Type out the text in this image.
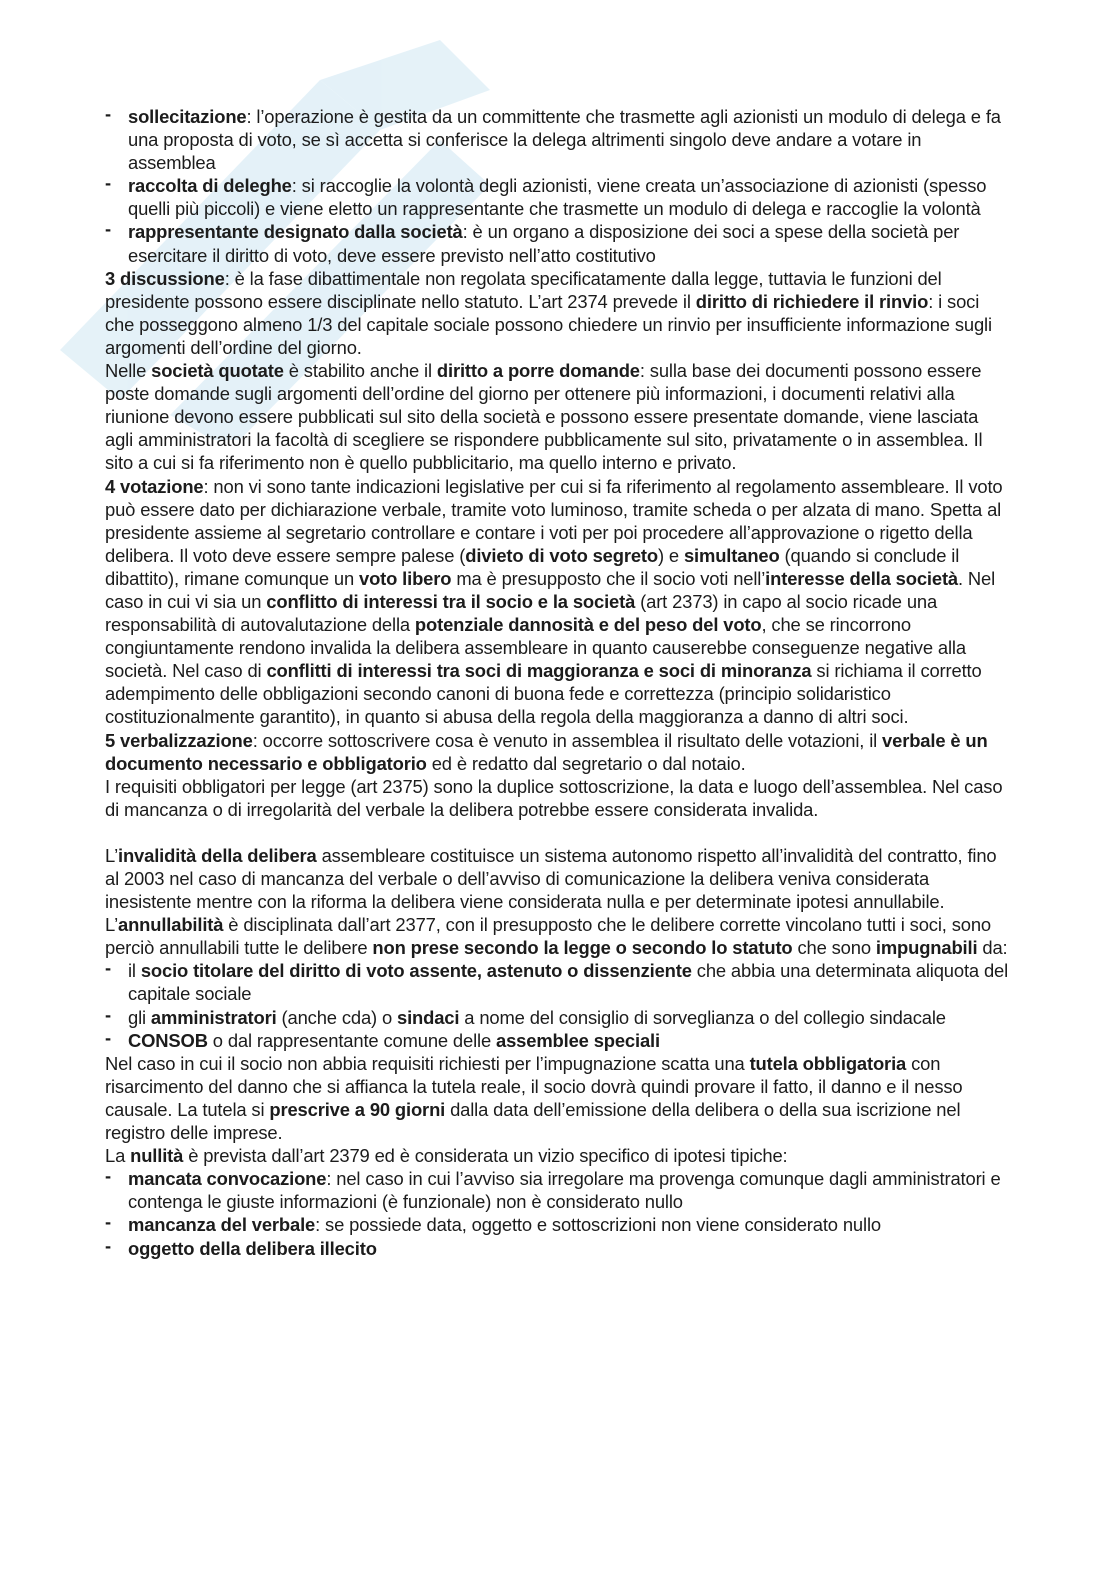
- sollecitazione: l’operazione è gestita da un committente che trasmette agli azionisti un modulo di delega e fa una proposta di voto, se sì accetta si conferisce la delega altrimenti singolo deve andare a votare in assemblea

- raccolta di deleghe: si raccoglie la volontà degli azionisti, viene creata un’associazione di azionisti (spesso quelli più piccoli) e viene eletto un rappresentante che trasmette un modulo di delega e raccoglie la volontà

- rappresentante designato dalla società: è un organo a disposizione dei soci a spese della società per esercitare il diritto di voto, deve essere previsto nell’atto costitutivo

3 discussione: è la fase dibattimentale non regolata specificatamente dalla legge, tuttavia le funzioni del presidente possono essere disciplinate nello statuto. L’art 2374 prevede il diritto di richiedere il rinvio: i soci che posseggono almeno 1/3 del capitale sociale possono chiedere un rinvio per insufficiente informazione sugli argomenti dell’ordine del giorno.

Nelle società quotate è stabilito anche il diritto a porre domande: sulla base dei documenti possono essere poste domande sugli argomenti dell’ordine del giorno per ottenere più informazioni, i documenti relativi alla riunione devono essere pubblicati sul sito della società e possono essere presentate domande, viene lasciata agli amministratori la facoltà di scegliere se rispondere pubblicamente sul sito, privatamente o in assemblea. Il sito a cui si fa riferimento non è quello pubblicitario, ma quello interno e privato.

4 votazione: non vi sono tante indicazioni legislative per cui si fa riferimento al regolamento assembleare. Il voto può essere dato per dichiarazione verbale, tramite voto luminoso, tramite scheda o per alzata di mano. Spetta al presidente assieme al segretario controllare e contare i voti per poi procedere all’approvazione o rigetto della delibera. Il voto deve essere sempre palese (divieto di voto segreto) e simultaneo (quando si conclude il dibattito), rimane comunque un voto libero ma è presupposto che il socio voti nell’interesse della società. Nel caso in cui vi sia un conflitto di interessi tra il socio e la società (art 2373) in capo al socio ricade una responsabilità di autovalutazione della potenziale dannosità e del peso del voto, che se rincorrono congiuntamente rendono invalida la delibera assembleare in quanto causerebbe conseguenze negative alla società. Nel caso di conflitti di interessi tra soci di maggioranza e soci di minoranza si richiama il corretto adempimento delle obbligazioni secondo canoni di buona fede e correttezza (principio solidaristico costituzionalmente garantito), in quanto si abusa della regola della maggioranza a danno di altri soci.

5 verbalizzazione: occorre sottoscrivere cosa è venuto in assemblea il risultato delle votazioni, il verbale è un documento necessario e obbligatorio ed è redatto dal segretario o dal notaio.

I requisiti obbligatori per legge (art 2375) sono la duplice sottoscrizione, la data e luogo dell’assemblea. Nel caso di mancanza o di irregolarità del verbale la delibera potrebbe essere considerata invalida.

L’invalidità della delibera assembleare costituisce un sistema autonomo rispetto all’invalidità del contratto, fino al 2003 nel caso di mancanza del verbale o dell’avviso di comunicazione la delibera veniva considerata inesistente mentre con la riforma la delibera viene considerata nulla e per determinate ipotesi annullabile.

L’annullabilità è disciplinata dall’art 2377, con il presupposto che le delibere corrette vincolano tutti i soci, sono perciò annullabili tutte le delibere non prese secondo la legge o secondo lo statuto che sono impugnabili da:

- il socio titolare del diritto di voto assente, astenuto o dissenziente che abbia una determinata aliquota del capitale sociale

- gli amministratori (anche cda) o sindaci a nome del consiglio di sorveglianza o del collegio sindacale

- CONSOB o dal rappresentante comune delle assemblee speciali

Nel caso in cui il socio non abbia requisiti richiesti per l’impugnazione scatta una tutela obbligatoria con risarcimento del danno che si affianca la tutela reale, il socio dovrà quindi provare il fatto, il danno e il nesso causale. La tutela si prescrive a 90 giorni dalla data dell’emissione della delibera o della sua iscrizione nel registro delle imprese.

La nullità è prevista dall’art 2379 ed è considerata un vizio specifico di ipotesi tipiche:

- mancata convocazione: nel caso in cui l’avviso sia irregolare ma provenga comunque dagli amministratori e contenga le giuste informazioni (è funzionale) non è considerato nullo

- mancanza del verbale: se possiede data, oggetto e sottoscrizioni non viene considerato nullo

- oggetto della delibera illecito
